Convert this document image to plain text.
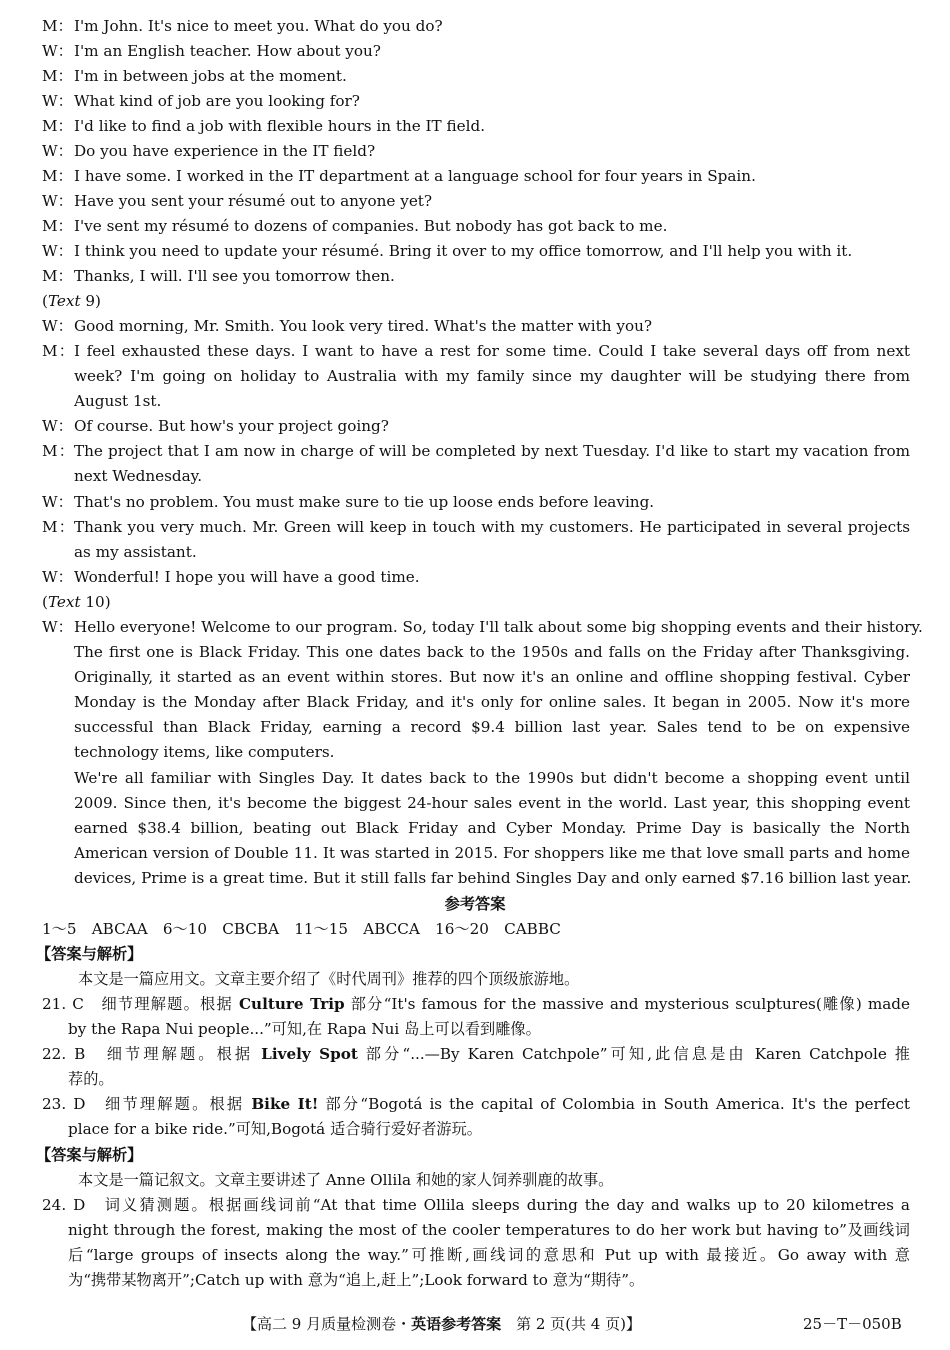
M：I'm John. It's nice to meet you. What do you do?
W：I'm an English teacher. How about you?
M：I'm in between jobs at the moment.
W：What kind of job are you looking for?
M：I'd like to find a job with flexible hours in the IT field.
W：Do you have experience in the IT field?
M：I have some. I worked in the IT department at a language school for four years in Spain.
W：Have you sent your résumé out to anyone yet?
M：I've sent my résumé to dozens of companies. But nobody has got back to me.
W：I think you need to update your résumé. Bring it over to my office tomorrow, and I'll help you with it.
M：Thanks, I will. I'll see you tomorrow then.
(Text 9)
W：Good morning, Mr. Smith. You look very tired. What's the matter with you?
M：I feel exhausted these days. I want to have a rest for some time. Could I take several days off from next
week? I'm going on holiday to Australia with my family since my daughter will be studying there from
August 1st.
W：Of course. But how's your project going?
M：The project that I am now in charge of will be completed by next Tuesday. I'd like to start my vacation from
next Wednesday.
W：That's no problem. You must make sure to tie up loose ends before leaving.
M：Thank you very much. Mr. Green will keep in touch with my customers. He participated in several projects
as my assistant.
W：Wonderful! I hope you will have a good time.
(Text 10)
W：Hello everyone! Welcome to our program. So, today I'll talk about some big shopping events and their history.
The first one is Black Friday. This one dates back to the 1950s and falls on the Friday after Thanksgiving.
Originally, it started as an event within stores. But now it's an online and offline shopping festival. Cyber
Monday is the Monday after Black Friday, and it's only for online sales. It began in 2005. Now it's more
successful than Black Friday, earning a record $9.4 billion last year. Sales tend to be on expensive
technology items, like computers.
We're all familiar with Singles Day. It dates back to the 1990s but didn't become a shopping event until
2009. Since then, it's become the biggest 24-hour sales event in the world. Last year, this shopping event
earned $38.4 billion, beating out Black Friday and Cyber Monday. Prime Day is basically the North
American version of Double 11. It was started in 2015. For shoppers like me that love small parts and home
devices, Prime is a great time. But it still falls far behind Singles Day and only earned $7.16 billion last year.
参考答案
1～5　ABCAA　6～10　CBCBA　11～15　ABCCA　16～20　CABBC
【答案与解析】
本文是一篇应用文。文章主要介绍了《时代周刊》推荐的四个顶级旅游地。
21. C　 细节理解题。根据 Culture Trip 部分“It's famous for the massive and mysterious sculptures(雕像) made
by the Rapa Nui people...”可知,在 Rapa Nui 岛上可以看到雕像。
22. B　 细节理解题。根据 Lively Spot 部分“...—By Karen Catchpole”可知,此信息是由 Karen Catchpole 推
荐的。
23. D　 细节理解题。根据 Bike It! 部分“Bogotá is the capital of Colombia in South America. It's the perfect
place for a bike ride.”可知,Bogotá 适合骑行爱好者游玩。
【答案与解析】
本文是一篇记叙文。文章主要讲述了 Anne Ollila 和她的家人饲养驯鹿的故事。
24. D　 词义猜测题。根据画线词前“At that time Ollila sleeps during the day and walks up to 20 kilometres a
night through the forest, making the most of the cooler temperatures to do her work but having to”及画线词
后“large groups of insects along the way.”可推断,画线词的意思和 Put up with 最接近。Go away with 意
为“携带某物离开”;Catch up with 意为“追上,赶上”;Look forward to 意为“期待”。
【高二 9 月质量检测卷・英语参考答案　第 2 页(共 4 页)】	25－T－050B
